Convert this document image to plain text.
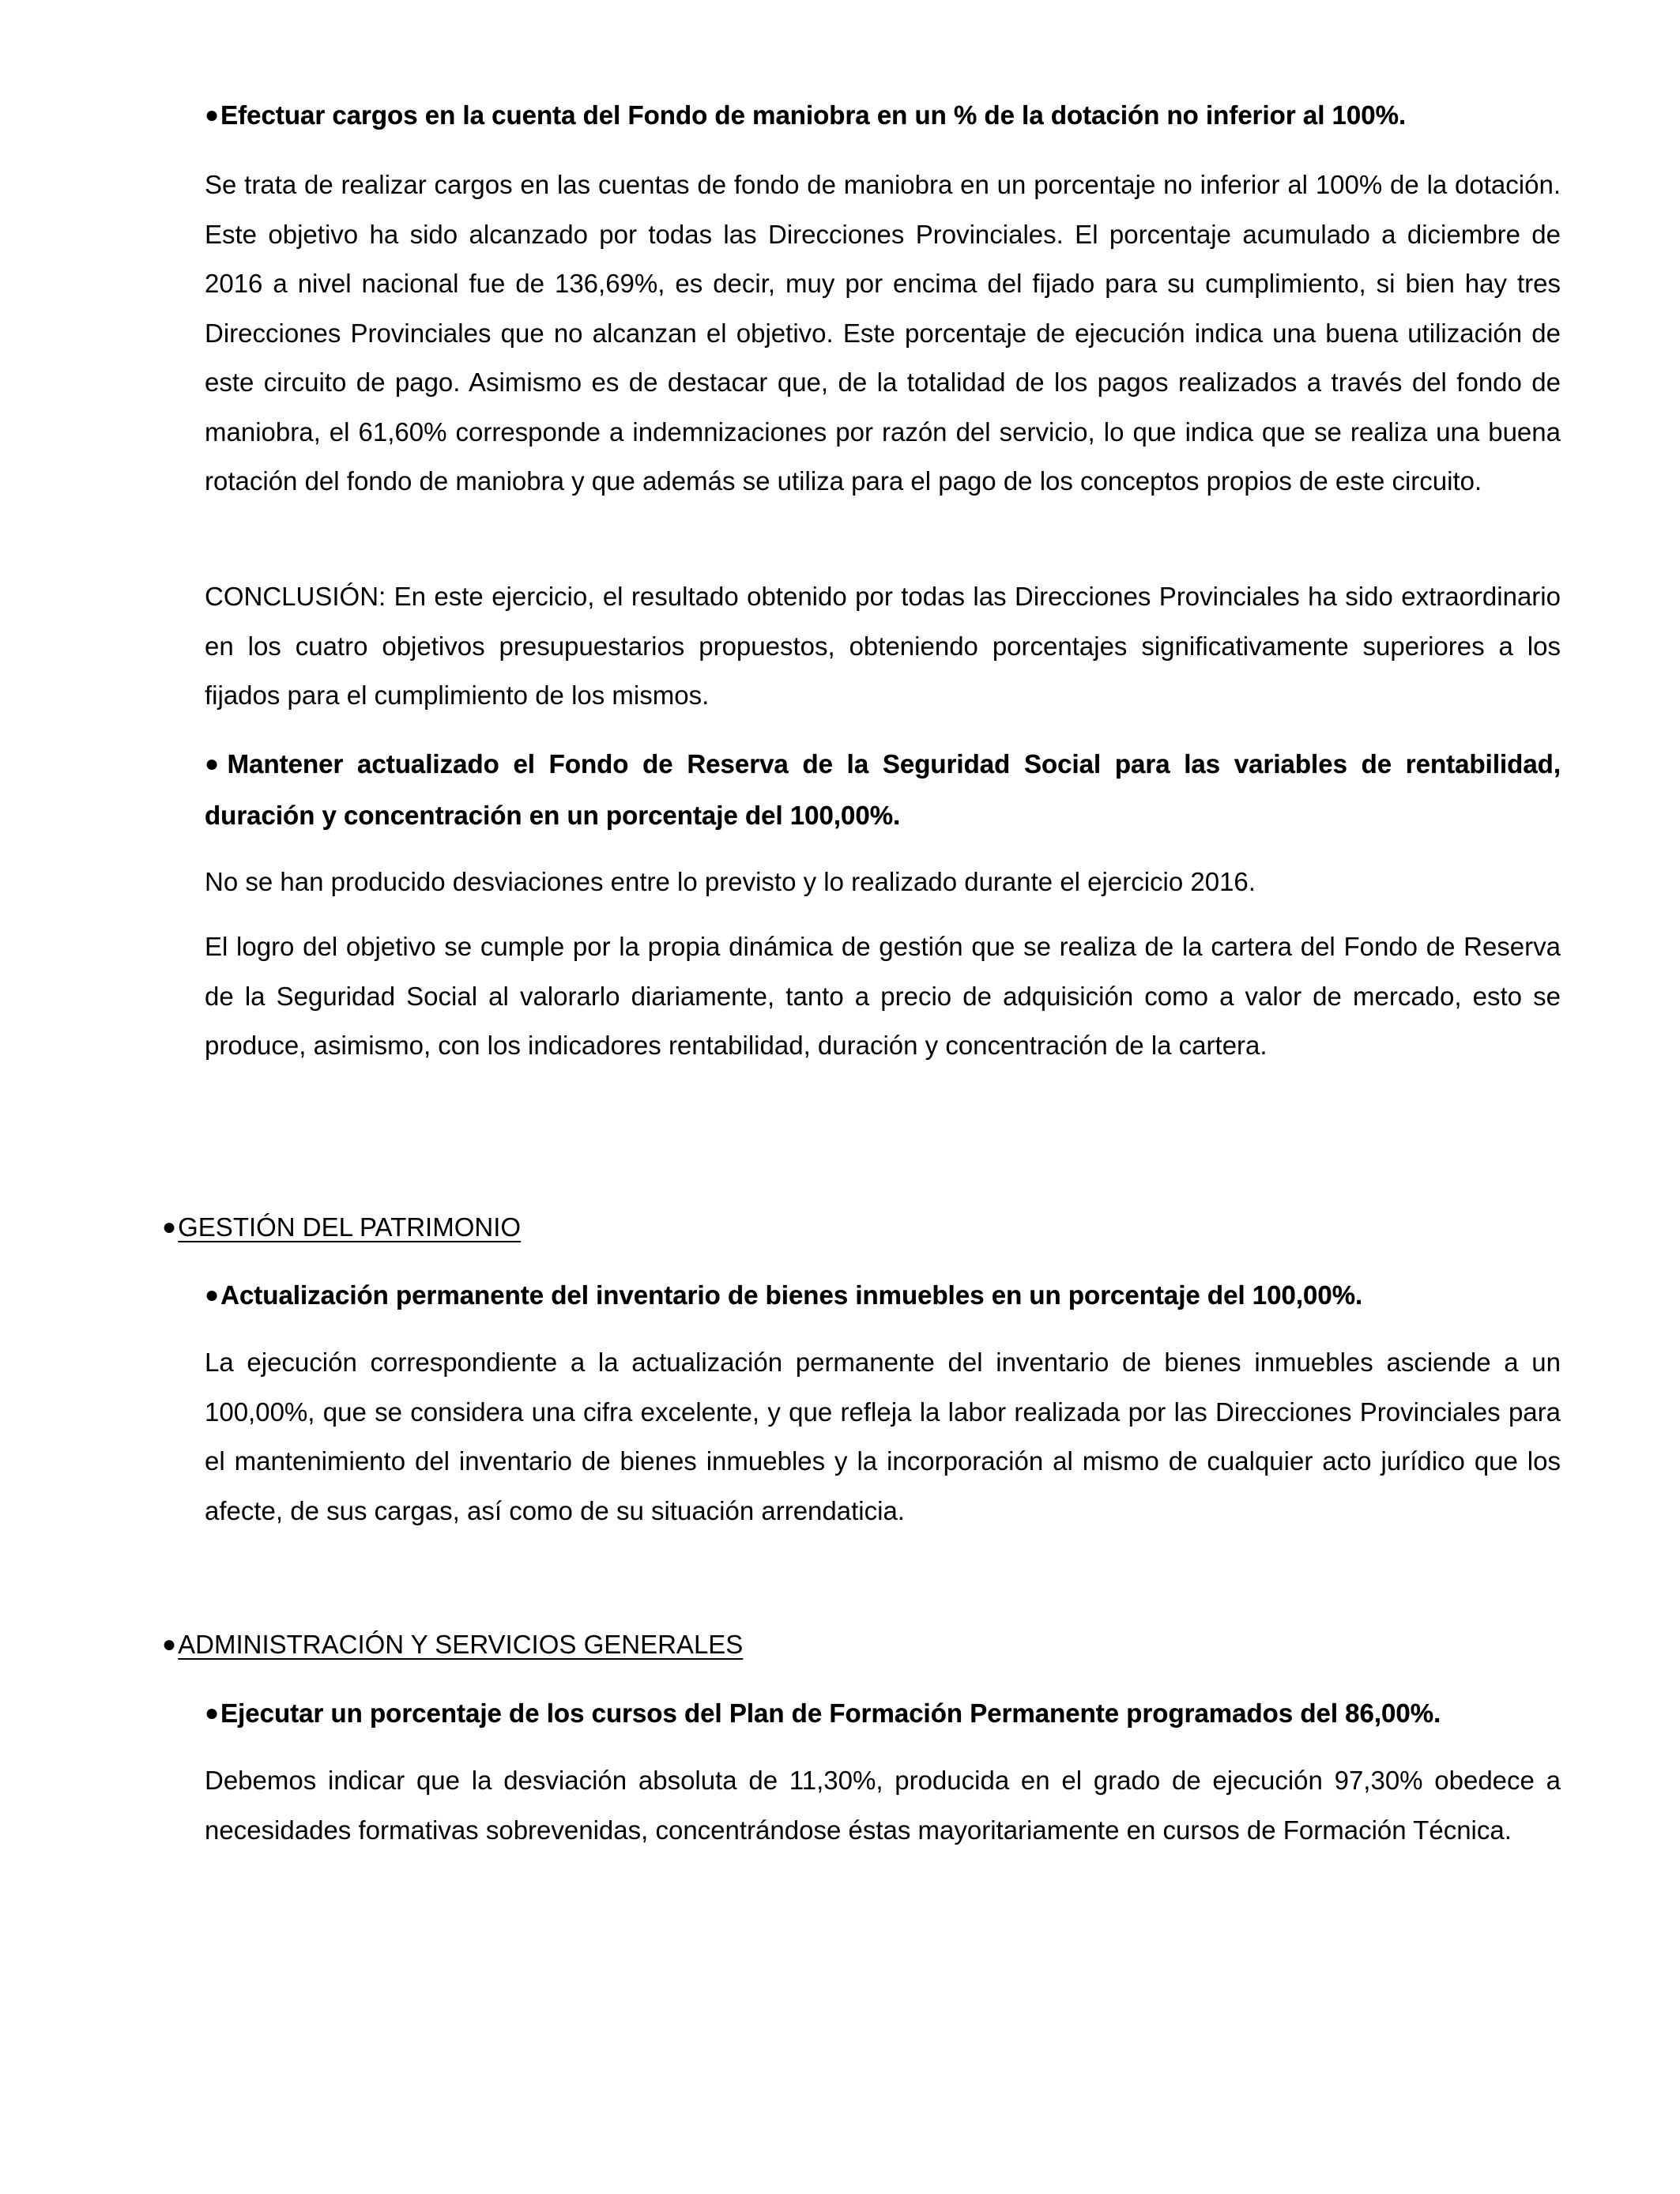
●Efectuar cargos en la cuenta del Fondo de maniobra en un % de la dotación no inferior al 100%.

Se trata de realizar cargos en las cuentas de fondo de maniobra en un porcentaje no inferior al 100% de la dotación. Este objetivo ha sido alcanzado por todas las Direcciones Provinciales. El porcentaje acumulado a diciembre de 2016 a nivel nacional fue de 136,69%, es decir, muy por encima del fijado para su cumplimiento, si bien hay tres Direcciones Provinciales que no alcanzan el objetivo. Este porcentaje de ejecución indica una buena utilización de este circuito de pago. Asimismo es de destacar que, de la totalidad de los pagos realizados a través del fondo de maniobra, el 61,60% corresponde a indemnizaciones por razón del servicio, lo que indica que se realiza una buena rotación del fondo de maniobra y que además se utiliza para el pago de los conceptos propios de este circuito.

CONCLUSIÓN: En este ejercicio, el resultado obtenido por todas las Direcciones Provinciales ha sido extraordinario en los cuatro objetivos presupuestarios propuestos, obteniendo porcentajes significativamente superiores a los fijados para el cumplimiento de los mismos.

●Mantener actualizado el Fondo de Reserva de la Seguridad Social para las variables de rentabilidad, duración y concentración en un porcentaje del 100,00%.

No se han producido desviaciones entre lo previsto y lo realizado durante el ejercicio 2016.

El logro del objetivo se cumple por la propia dinámica de gestión que se realiza de la cartera del Fondo de Reserva de la Seguridad Social al valorarlo diariamente, tanto a precio de adquisición como a valor de mercado, esto se produce, asimismo, con los indicadores rentabilidad, duración y concentración de la cartera.

●GESTIÓN DEL PATRIMONIO

●Actualización permanente del inventario de bienes inmuebles en un porcentaje del 100,00%.

La ejecución correspondiente a la actualización permanente del inventario de bienes inmuebles asciende a un 100,00%, que se considera una cifra excelente, y que refleja la labor realizada por las Direcciones Provinciales para el mantenimiento del inventario de bienes inmuebles y la incorporación al mismo de cualquier acto jurídico que los afecte, de sus cargas, así como de su situación arrendaticia.

●ADMINISTRACIÓN Y SERVICIOS GENERALES

●Ejecutar un porcentaje de los cursos del Plan de Formación Permanente programados del 86,00%.

Debemos indicar que la desviación absoluta de 11,30%, producida en el grado de ejecución 97,30% obedece a necesidades formativas sobrevenidas, concentrándose éstas mayoritariamente en cursos de Formación Técnica.
